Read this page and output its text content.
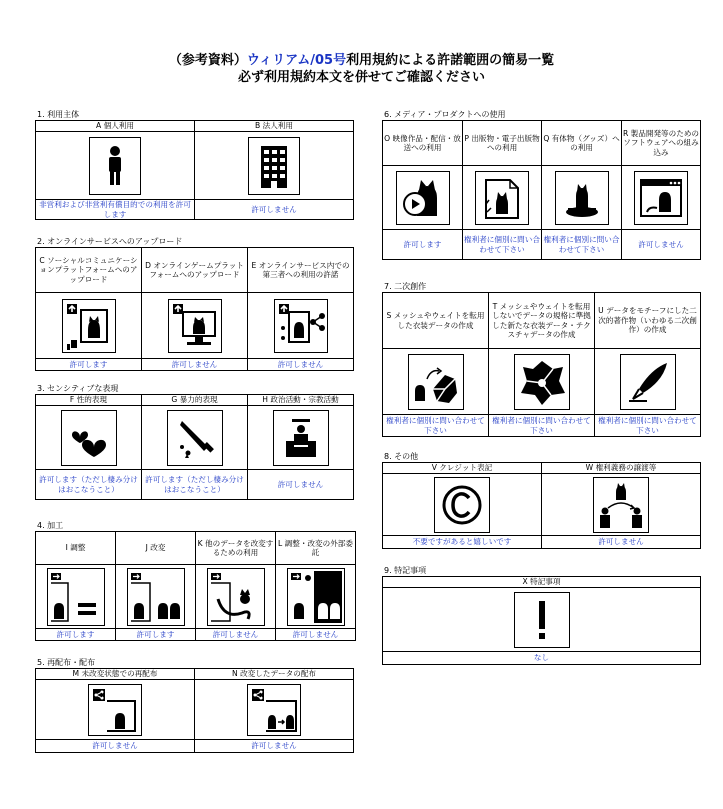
（参考資料）ウィリアム/05号利用規約による許諾範囲の簡易一覧
必ず利用規約本文を併せてご確認ください
1. 利用主体
A 個人利用	B 法人利用

非営利および非営利有償目的での利用を許可します	許可しません
2. オンラインサービスへのアップロード
C ソーシャルコミュニケーションプラットフォームへのアップロード	D オンラインゲームプラットフォームへのアップロード	E オンラインサービス内での第三者への利用の許諾

許可します	許可しません	許可しません
3. センシティブな表現
F 性的表現	G 暴力的表現	H 政治活動・宗教活動

許可します（ただし棲み分けはおこなうこと）	許可します（ただし棲み分けはおこなうこと）	許可しません
4. 加工
I 調整	J 改変	K 他のデータを改変するための利用	L 調整・改変の外部委託

許可します	許可します	許可しません	許可しません
5. 再配布・配布
M 未改変状態での再配布	N 改変したデータの配布

許可しません	許可しません
6. メディア・プロダクトへの使用
O 映像作品・配信・放送への利用	P 出版物・電子出版物への利用	Q 有体物（グッズ）への利用	R 製品開発等のためのソフトウェアへの組み込み

許可します	権利者に個別に問い合わせて下さい	権利者に個別に問い合わせて下さい	許可しません
7. 二次創作
S メッシュやウェイトを転用した衣装データの作成	T メッシュやウェイトを転用しないでデータの規格に準拠した新たな衣装データ・テクスチャデータの作成	U データをモチーフにした二次的著作物（いわゆる二次創作）の作成

権利者に個別に問い合わせて下さい	権利者に個別に問い合わせて下さい	権利者に個別に問い合わせて下さい
8. その他
V クレジット表記	W 権利義務の譲渡等

不要ですがあると嬉しいです	許可しません
9. 特記事項
X 特記事項

なし
